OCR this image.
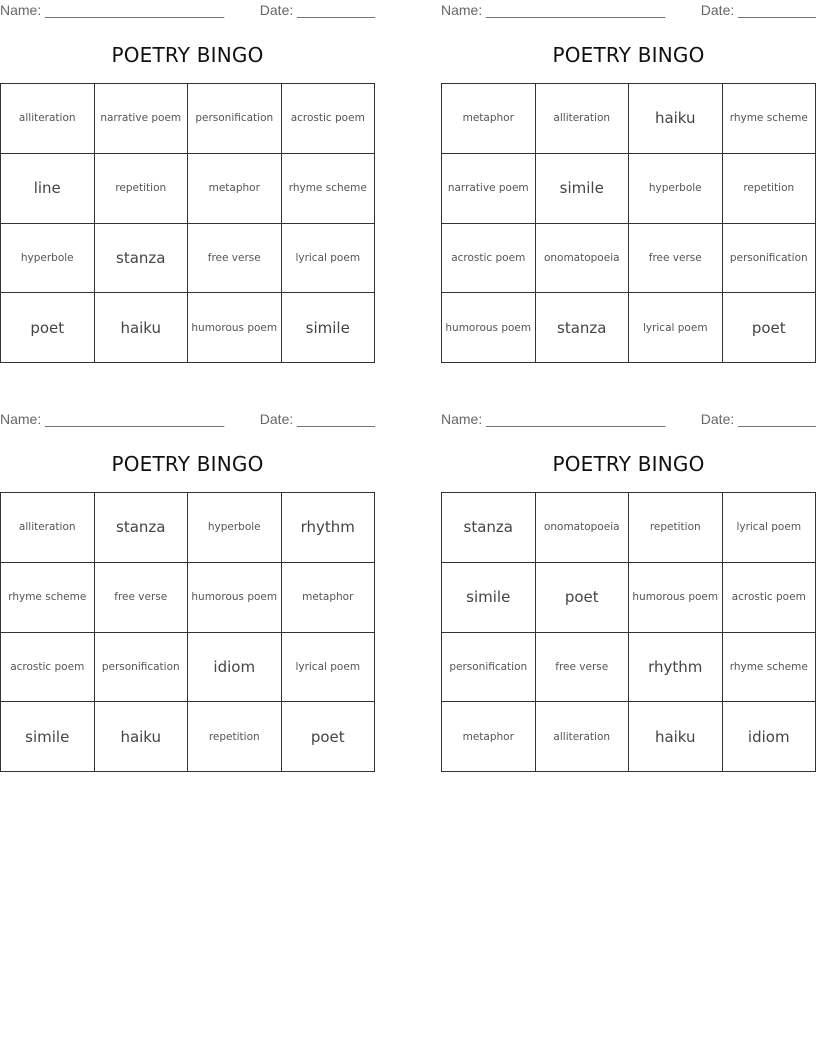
Name: _______________________	Date: __________
POETRY BINGO
alliteration	narrative poem	personification	acrostic poem
line	repetition	metaphor	rhyme scheme
hyperbole	stanza	free verse	lyrical poem
poet	haiku	humorous poem	simile
Name: _______________________	Date: __________
POETRY BINGO
metaphor	alliteration	haiku	rhyme scheme
narrative poem	simile	hyperbole	repetition
acrostic poem	onomatopoeia	free verse	personification
humorous poem	stanza	lyrical poem	poet
Name: _______________________	Date: __________
POETRY BINGO
alliteration	stanza	hyperbole	rhythm
rhyme scheme	free verse	humorous poem	metaphor
acrostic poem	personification	idiom	lyrical poem
simile	haiku	repetition	poet
Name: _______________________	Date: __________
POETRY BINGO
stanza	onomatopoeia	repetition	lyrical poem
simile	poet	humorous poem	acrostic poem
personification	free verse	rhythm	rhyme scheme
metaphor	alliteration	haiku	idiom
